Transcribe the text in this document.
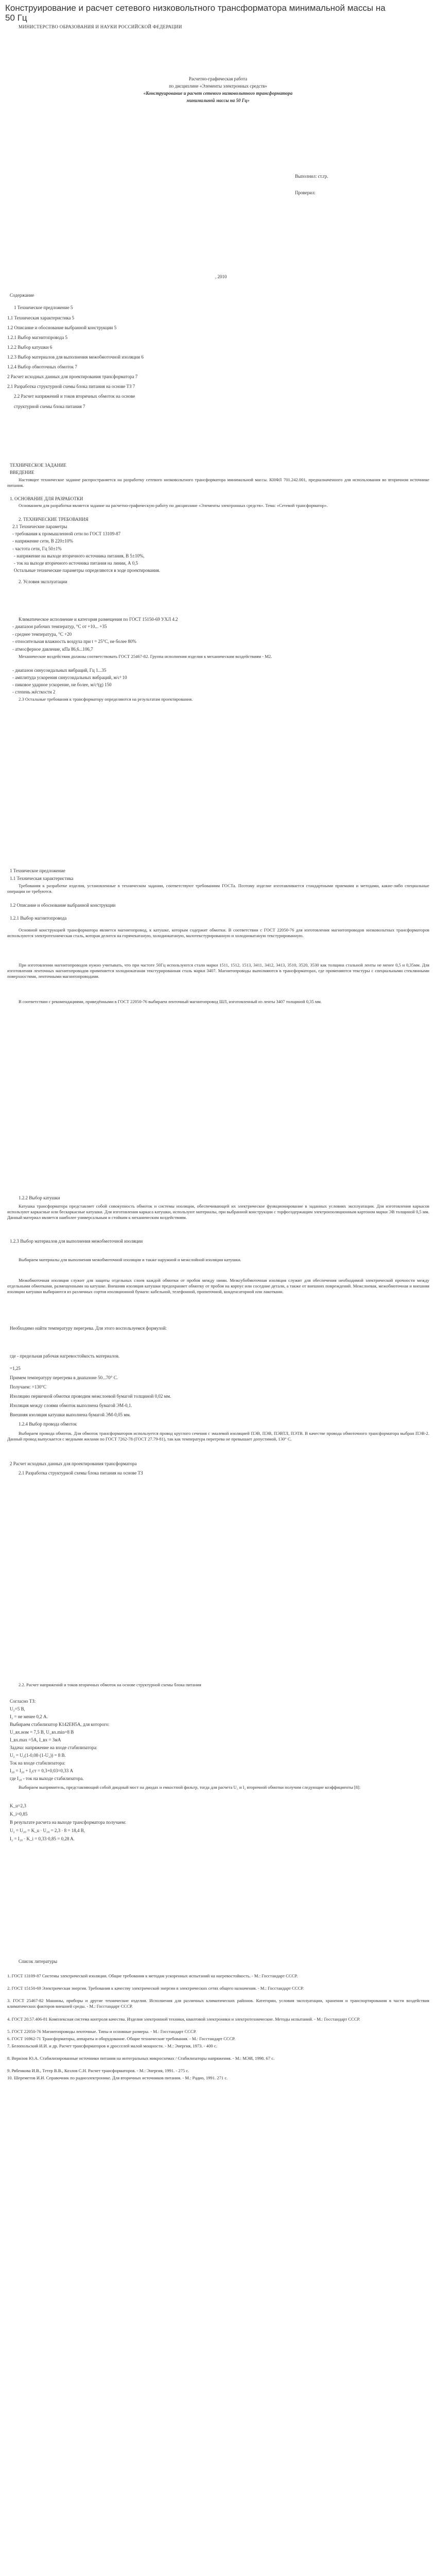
Конструирование и расчет сетевого низковольтного трансформатора минимальной массы на 50 Гц
МИНИСТЕРСТВО ОБРАЗОВАНИЯ И НАУКИ РОССИЙСКОЙ ФЕДЕРАЦИИ
Расчетно-графическая работа
по дисциплине «Элементы электронных средств»
«Конструирование и расчет сетевого низковольтного трансформатора
минимальной массы на 50 Гц»
Выполнил: ст.гр.
Проверил:
, 2010
Содержание
1 Техническое предложение 5
1.1 Техническая характеристика 5
1.2 Описание и обоснование выбранной конструкции 5
1.2.1 Выбор магнитопровода 5
1.2.2 Выбор катушки 6
1.2.3 Выбор материалов для выполнения межобмоточной изоляции 6
1.2.4 Выбор обмоточных обмоток 7
2 Расчет исходных данных для проектирования трансформатора 7
2.1 Разработка структурной схемы блока питания на основе ТЗ 7
2.2 Расчет напряжений и токов вторичных обмоток на основе
структурной схемы блока питания 7
ТЕХНИЧЕСКОЕ ЗАДАНИЕ
ВВЕДЕНИЕ
Настоящее техническое задание распространяется на разработку сетевого низковольтного трансформатора минимальной массы. КНФЛ 701.242.001, предназначенного для использования во вторичном источнике питания.
1. ОСНОВАНИЕ ДЛЯ РАЗРАБОТКИ
Основанием для разработки является задание на расчетно-графическую работу по дисциплине «Элементы электронных средств». Тема: «Сетевой трансформатор».
2. ТЕХНИЧЕСКИЕ ТРЕБОВАНИЯ
2.1 Технические параметры
- требования к промышленной сети по ГОСТ 13109-87
- напряжение сети, В 220±10%
- частота сети, Гц 50±1%
- напряжение на выходе вторичного источника питания, В 5±10%,
- ток на выходе вторичного источника питания на линии, А 0,5
Остальные технические параметры определяются в ходе проектирования.
2. Условия эксплуатации
Климатическое исполнение и категория размещения по ГОСТ 15150-69 УХЛ 4.2
- диапазон рабочих температур, °С от +10... +35
- среднее температура, °С +20
- относительная влажность воздуха при t = 25°С, не более 80%
- атмосферное давление, кПа 86,6...106,7
Механические воздействия должны соответствовать ГОСТ 25467-82. Группа исполнения изделия к механическим воздействиям - М2.
- диапазон синусоидальных вибраций, Гц 1...35
- амплитуда ускорения синусоидальных вибраций, м/с² 10
- пиковое ударное ускорение, не более, м/с²(g) 150
- степень жёсткости 2
2.3 Остальные требования к трансформатору определяются на результатам проектирования.
1 Техническое предложение
1.1 Техническая характеристика
Требования к разработке изделия, установленные в техническом задании, соответствуют требованиям ГОСТа. Поэтому изделие изготавливается стандартными приемами и методами, какие-либо специальные операции не требуются.
1.2 Описание и обоснование выбранной конструкции
1.2.1 Выбор магнитопровода
Основной конструкцией трансформатора является магнитопровод, к катушке, которым содержит обмотки. В соответствии с ГОСТ 22050-76 для изготовления магнитопроводов низковольтных трансформаторов используются электротехническая сталь, которая делится на горячекатаную, холоднокатаную, малотекстурированную и холоднокатаную текстурированную.
При изготовлении магнитопроводов нужно учитывать, что при частоте 50Гц используются стали марки 1511, 1512, 1513, 3411, 3412, 3413, 3510, 3520, 3530 как толщина стальной ленты не менее 0,5 и 0,35мм. Для изготовления ленточных магнитопроводов применяется холоднокатаная текстурированная сталь марки 3407. Магнитопроводы выполняются в трансформаторах, где применяются текстуры с специальными стеклянными поверхностями, ленточными магнитопроводами.
В соответствии с рекомендациями, приведёнными в ГОСТ 22050-76 выбираем ленточный магнитопровод ШЛ, изготовленный из ленты 3407 толщиной 0,35 мм.
1.2.2 Выбор катушки
Катушка трансформатора представляет собой совокупность обмоток и системы изоляции, обеспечивающей их электрическое функционирование в заданных условиях эксплуатации. Для изготовления каркасов используют каркасные или бескаркасные катушки. Для изготовления каркаса катушки, используют материалы, при выбранной конструкции с торфосодержащим электроизоляционным картоном марки ЭВ толщиной 0,5 мм. Данный материал является наиболее универсальным и стойким к механическим воздействиям.
1.2.3 Выбор материалов для выполнения межобмоточной изоляции
Выбираем материалы для выполнения межобмоточной изоляции и также наружной и межслойной изоляции катушки.
Межобмоточная изоляция служит для защиты отдельных слоев каждой обмотки от пробоя между ними. Межсубобмоточная изоляция служит для обеспечения необходимой электрической прочности между отдельными обмотками, размещенными на катушке. Внешняя изоляция катушки предохраняет обмотку от пробоя на корпус или соседние детали, а также от внешних повреждений. Межслоевая, межобмоточная и внешняя изоляции катушки выбираются из различных сортов изоляционной бумаги: кабельной, телефонной, пропиточной, конденсаторной или лакоткани.
Необходимо найти температуру перегрева. Для этого воспользуемся формулой:
где - предельная рабочая нагревостойкость материалов.
=1,25
Примем температуру перегрева в диапазоне 50...70° С.
Получаем: =130°С
Изоляцию первичной обмотки проводим межслоевой бумагой толщиной 0,02 мм.
Изоляция между слоями обмоток выполнена бумагой ЭМ-0,1.
Внешняя изоляция катушки выполнена бумагой ЭМ-0,05 мм.
1.2.4 Выбор провода обмоток
Выбираем провода обмоток. Для обмоток трансформаторов используется провод круглого сечения с эмалевой изоляцией ПЭВ, ПЭВ, ПЭВТЛ, ПЭТВ. В качестве провода обмоточного трансформатора выбран ПЭВ-2. Данный провод выпускается с медными жилами по ГОСТ 7262-78 (ГОСТ 27.79-81), так как температура перегрева не превышает допустимой, 130° С.
2 Расчет исходных данных для проектирования трансформатора
2.1 Разработка структурной схемы блока питания на основе ТЗ
2.2. Расчет напряжений и токов вторичных обмоток на основе структурной схемы блока питания
Согласно ТЗ:
U₂=5 В,
I₂ = не менее 0,2 А.
Выбираем стабилизатор К142ЕН5А, для которого:
U_вх.ном = 7,5 В, U_вх.min=8 В
I_вх.max =5A, I_вх = 3мА
Задача: напряжение на входе стабилизатора:
U₂ = U₂(1-0,08·(1-U₂)) = 8 В.
Ток на входе стабилизатора:
I₂₀ = I₂₀ + I₂ст = 0,3+0,03=0,33 А
где I₂₀ - ток на выходе стабилизатора.
Выбираем выпрямитель, представляющий собой диодный мост на диодах и емкостной фильтр, тогда для расчета U₂ и I₂ вторичной обмотки получим следующие коэффициенты [8]:
K_u=2,3
K_i=0,85
В результате расчета на выходе трансформатора получаем:
U₂ = U₂₀ = K_u · U₂₀ = 2,3 · 8 = 18,4 В,
I₂ = I₂₀ · K_i = 0,33·0,85 = 0,28 A.
Список литературы
1. ГОСТ 13109-87 Системы электрической изоляции. Общие требования к методам ускоренных испытаний на нагревостойкость. - М.: Госстандарт СССР.
2. ГОСТ 15150-69 Электрическая энергия. Требования к качеству электрической энергии в электрических сетях общего назначения. - М.: Госстандарт СССР.
3. ГОСТ 25467-82 Машины, приборы и другие технические изделия. Исполнения для различных климатических районов. Категории, условия эксплуатации, хранения и транспортирования в части воздействия климатических факторов внешней среды. - М.: Госстандарт СССР.
4. ГОСТ 20.57.406-81 Комплексная система контроля качества. Изделия электронной техники, квантовой электроники и электротехнические. Методы испытаний. - М.: Госстандарт СССР.
5. ГОСТ 22050-76 Магнитопроводы ленточные. Типы и основные размеры. - М.: Госстандарт СССР.
6. ГОСТ 16962-71 Трансформаторы, аппараты и оборудование. Общие технические требования. - М.: Госстандарт СССР.
7. Белопольский И.И. и др. Расчет трансформаторов и дросселей малой мощности. - М.: Энергия, 1973. - 400 с.
8. Верилов Ю.А. Стабилизированные источники питания на интегральных микросхемах / Стабилизаторы напряжения. - М.: МЭИ, 1998. 67 с.
9. Рябенкова И.В., Тетер В.В., Козлов С.Н. Расчет трансформаторов. - М.: Энергия, 1991. - 275 с.
10. Шереметов И.И. Справочник по радиоэлектронике. Для вторичных источников питания. - М.: Радио, 1991. 271 с.
